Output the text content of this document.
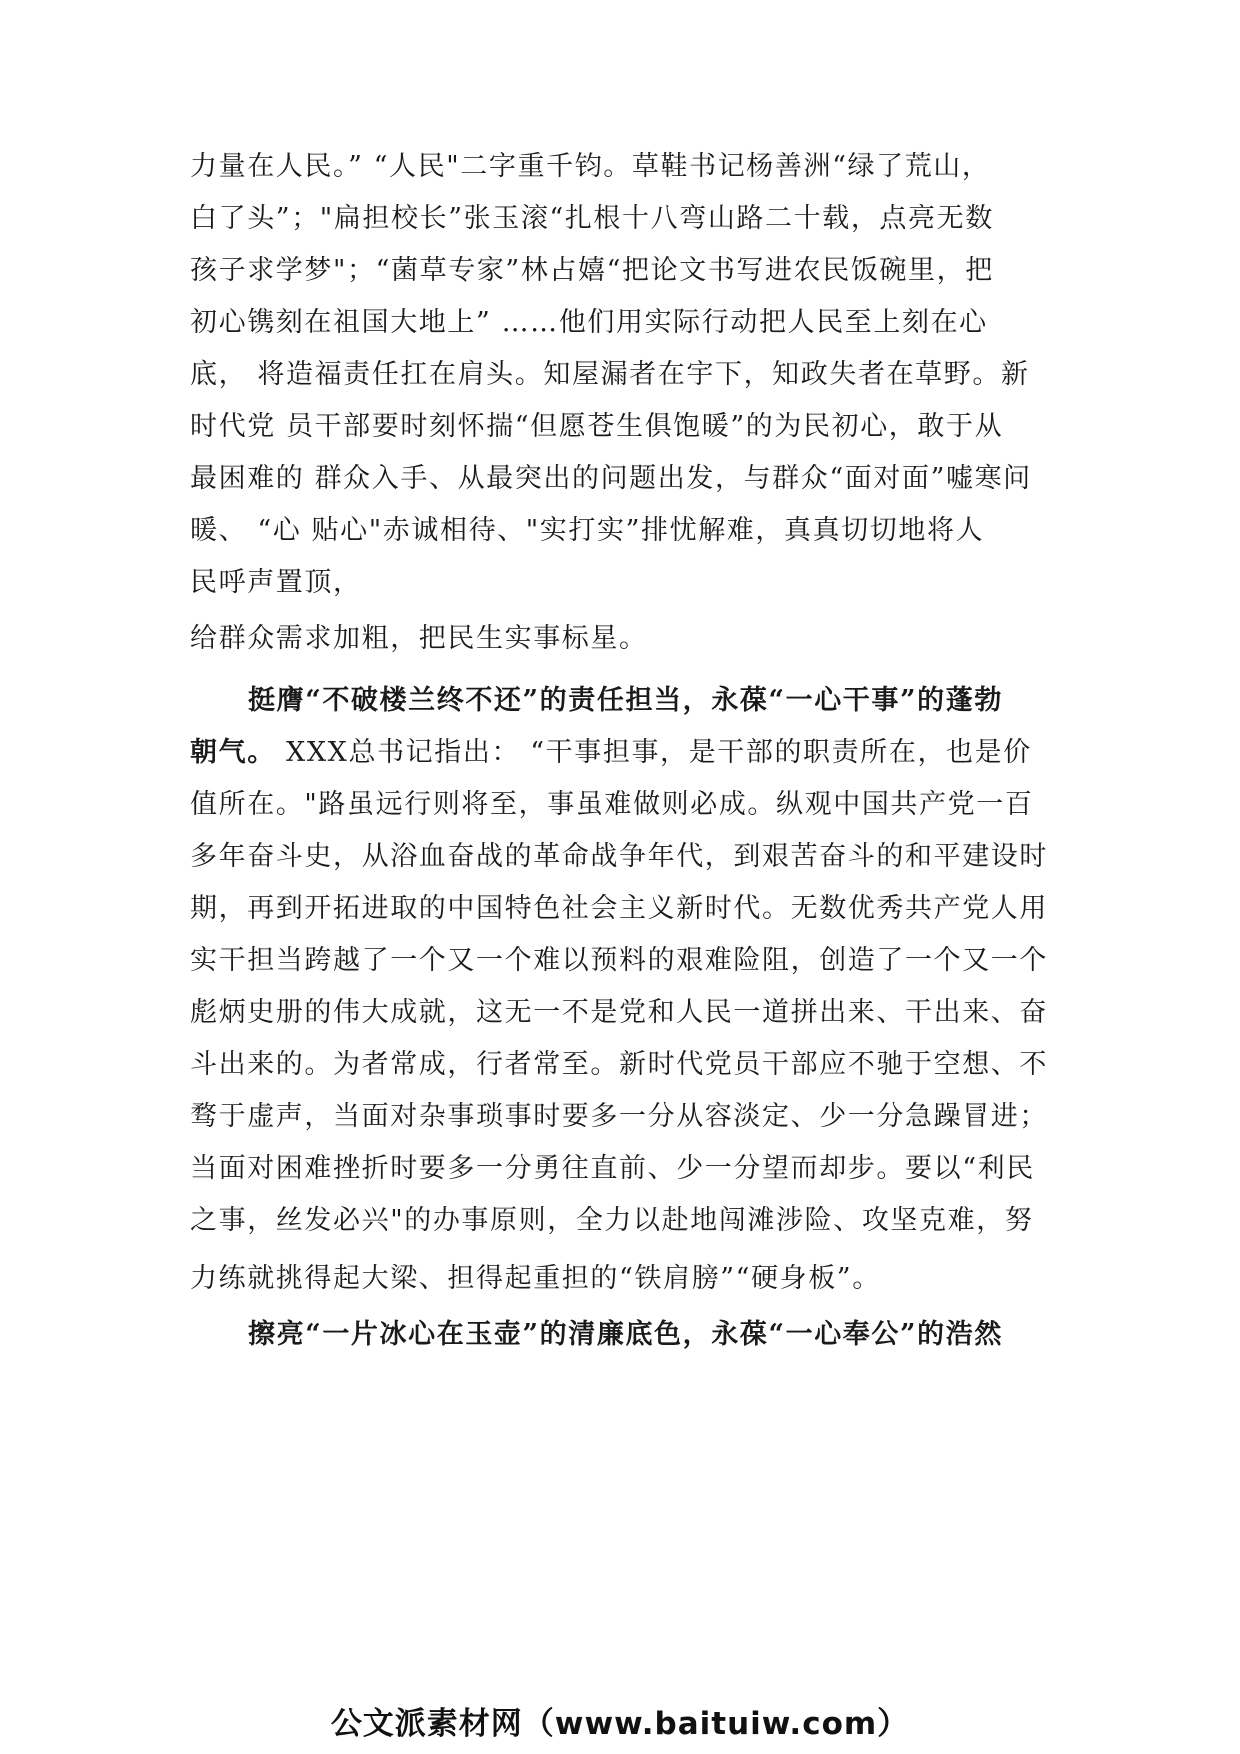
力量在人民。” “人民"二字重千钧。草鞋书记杨善洲“绿了荒山，
白了头”；"扁担校长”张玉滚“扎根十八弯山路二十载，点亮无数
孩子求学梦"；“菌草专家”林占嬉“把论文书写进农民饭碗里，把
初心镌刻在祖国大地上” ……他们用实际行动把人民至上刻在心
底， 将造福责任扛在肩头。知屋漏者在宇下，知政失者在草野。新
时代党 员干部要时刻怀揣“但愿苍生俱饱暖”的为民初心，敢于从
最困难的 群众入手、从最突出的问题出发，与群众“面对面”嘘寒问
暖、 “心 贴心"赤诚相待、"实打实”排忧解难，真真切切地将人
民呼声置顶，
给群众需求加粗，把民生实事标星。
挺膺“不破楼兰终不还”的责任担当，永葆“一心干事”的蓬勃
朝气。 XXX总书记指出： “干事担事，是干部的职责所在，也是价
值所在。"路虽远行则将至，事虽难做则必成。纵观中国共产党一百
多年奋斗史，从浴血奋战的革命战争年代，到艰苦奋斗的和平建设时
期，再到开拓进取的中国特色社会主义新时代。无数优秀共产党人用
实干担当跨越了一个又一个难以预料的艰难险阻，创造了一个又一个
彪炳史册的伟大成就，这无一不是党和人民一道拼出来、干出来、奋
斗出来的。为者常成，行者常至。新时代党员干部应不驰于空想、不
骛于虚声，当面对杂事琐事时要多一分从容淡定、少一分急躁冒进；
当面对困难挫折时要多一分勇往直前、少一分望而却步。要以“利民
之事，丝发必兴"的办事原则，全力以赴地闯滩涉险、攻坚克难，努
力练就挑得起大梁、担得起重担的“铁肩膀”“硬身板”。
擦亮“一片冰心在玉壶”的清廉底色，永葆“一心奉公”的浩然
公文派素材网（www.baituiw.com）
